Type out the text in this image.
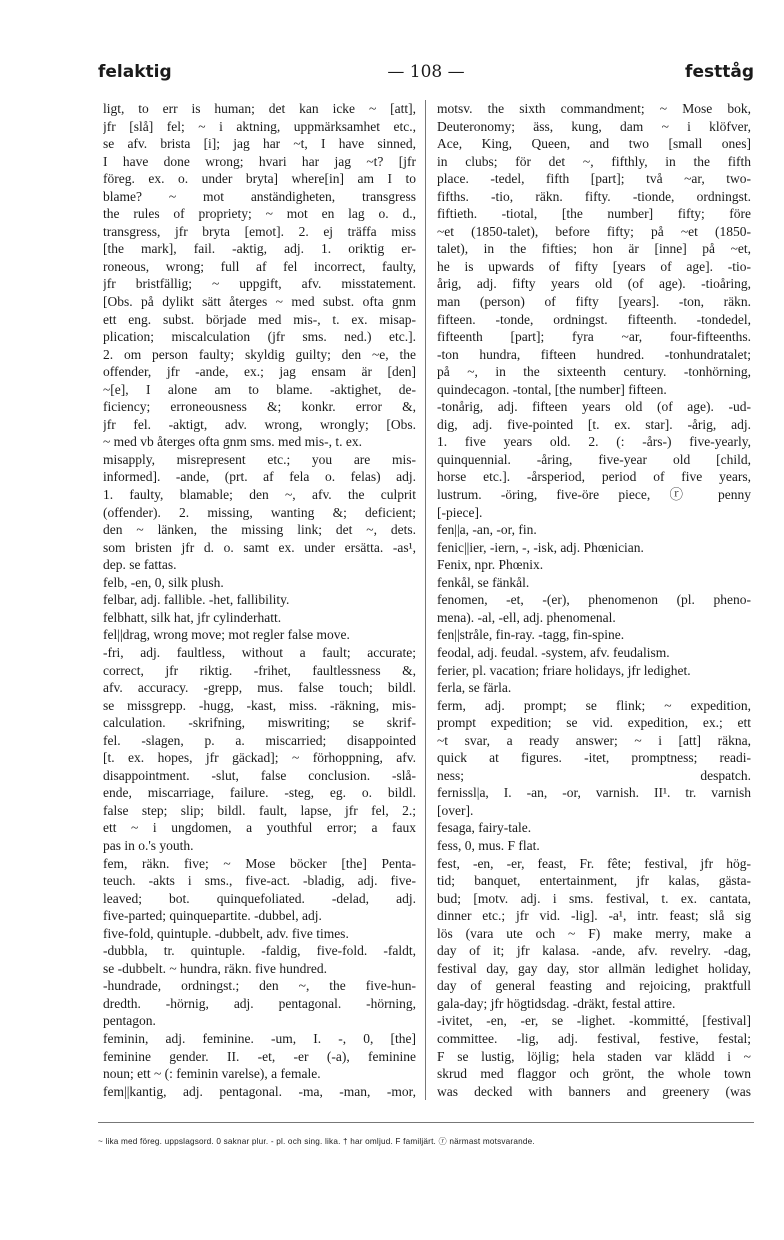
felaktig	— 108 —	festtåg
ligt, to err is human; det kan icke ~ [att],
jfr [slå] fel; ~ i aktning, uppmärksamhet etc.,
se afv. brista [i]; jag har ~t, I have sinned,
I have done wrong; hvari har jag ~t? [jfr
föreg. ex. o. under bryta] where[in] am I to
blame? ~ mot anständigheten, transgress
the rules of propriety; ~ mot en lag o. d.,
transgress, jfr bryta [emot]. 2. ej träffa miss
[the mark], fail. -aktig, adj. 1. oriktig er-
roneous, wrong; full af fel incorrect, faulty,
jfr bristfällig; ~ uppgift, afv. misstatement.
[Obs. på dylikt sätt återges ~ med subst. ofta gnm
ett eng. subst. började med mis-, t. ex. misap-
plication; miscalculation (jfr sms. ned.) etc.].
2. om person faulty; skyldig guilty; den ~e, the
offender, jfr -ande, ex.; jag ensam är [den]
~[e], I alone am to blame. -aktighet, de-
ficiency; erroneousness &; konkr. error &,
jfr fel. -aktigt, adv. wrong, wrongly; [Obs.
~ med vb återges ofta gnm sms. med mis-, t. ex.
misapply, misrepresent etc.; you are mis-
informed]. -ande, (prt. af fela o. felas) adj.
1. faulty, blamable; den ~, afv. the culprit
(offender). 2. missing, wanting &; deficient;
den ~ länken, the missing link; det ~, dets.
som bristen jfr d. o. samt ex. under ersätta. -as¹,
dep. se fattas.
felb, -en, 0, silk plush.
felbar, adj. fallible. -het, fallibility.
felbhatt, silk hat, jfr cylinderhatt.
fel||drag, wrong move; mot regler false move.
-fri, adj. faultless, without a fault; accurate;
correct, jfr riktig. -frihet, faultlessness &,
afv. accuracy. -grepp, mus. false touch; bildl.
se missgrepp. -hugg, -kast, miss. -räkning, mis-
calculation. -skrifning, miswriting; se skrif-
fel. -slagen, p. a. miscarried; disappointed
[t. ex. hopes, jfr gäckad]; ~ förhoppning, afv.
disappointment. -slut, false conclusion. -slå-
ende, miscarriage, failure. -steg, eg. o. bildl.
false step; slip; bildl. fault, lapse, jfr fel, 2.;
ett ~ i ungdomen, a youthful error; a faux
pas in o.'s youth.
fem, räkn. five; ~ Mose böcker [the] Penta-
teuch. -akts i sms., five-act. -bladig, adj. five-
leaved; bot. quinquefoliated. -delad, adj.
five-parted; quinquepartite. -dubbel, adj.
five-fold, quintuple. -dubbelt, adv. five times.
-dubbla, tr. quintuple. -faldig, five-fold. -faldt,
se -dubbelt. ~ hundra, räkn. five hundred.
-hundrade, ordningst.; den ~, the five-hun-
dredth. -hörnig, adj. pentagonal. -hörning,
pentagon.
feminin, adj. feminine. -um, I. -, 0, [the]
feminine gender. II. -et, -er (-a), feminine
noun; ett ~ (: feminin varelse), a female.
fem||kantig, adj. pentagonal. -ma, -man, -mor,
motsv. the sixth commandment; ~ Mose bok,
Deuteronomy; äss, kung, dam ~ i klöfver,
Ace, King, Queen, and two [small ones]
in clubs; för det ~, fifthly, in the fifth
place. -tedel, fifth [part]; två ~ar, two-
fifths. -tio, räkn. fifty. -tionde, ordningst.
fiftieth. -tiotal, [the number] fifty; före
~et (1850-talet), before fifty; på ~et (1850-
talet), in the fifties; hon är [inne] på ~et,
he is upwards of fifty [years of age]. -tio-
årig, adj. fifty years old (of age). -tioåring,
man (person) of fifty [years]. -ton, räkn.
fifteen. -tonde, ordningst. fifteenth. -tondedel,
fifteenth [part]; fyra ~ar, four-fifteenths.
-ton hundra, fifteen hundred. -tonhundratalet;
på ~, in the sixteenth century. -tonhörning,
quindecagon. -tontal, [the number] fifteen.
-tonårig, adj. fifteen years old (of age). -ud-
dig, adj. five-pointed [t. ex. star]. -årig, adj.
1. five years old. 2. (: -års-) five-yearly,
quinquennial. -åring, five-year old [child,
horse etc.]. -årsperiod, period of five years,
lustrum. -öring, five-öre piece, ⓡ penny
[-piece].
fen||a, -an, -or, fin.
fenic||ier, -iern, -, -isk, adj. Phœnician.
Fenix, npr. Phœnix.
fenkål, se fänkål.
fenomen, -et, -(er), phenomenon (pl. pheno-
mena). -al, -ell, adj. phenomenal.
fen||stråle, fin-ray. -tagg, fin-spine.
feodal, adj. feudal. -system, afv. feudalism.
ferier, pl. vacation; friare holidays, jfr ledighet.
ferla, se färla.
ferm, adj. prompt; se flink; ~ expedition,
prompt expedition; se vid. expedition, ex.; ett
~t svar, a ready answer; ~ i [att] räkna,
quick at figures. -itet, promptness; readi-
ness; despatch.
fernissl|a, I. -an, -or, varnish. II¹. tr. varnish
[over].
fesaga, fairy-tale.
fess, 0, mus. F flat.
fest, -en, -er, feast, Fr. fête; festival, jfr hög-
tid; banquet, entertainment, jfr kalas, gästa-
bud; [motv. adj. i sms. festival, t. ex. cantata,
dinner etc.; jfr vid. -lig]. -a¹, intr. feast; slå sig
lös (vara ute och ~ F) make merry, make a
day of it; jfr kalasa. -ande, afv. revelry. -dag,
festival day, gay day, stor allmän ledighet holiday,
day of general feasting and rejoicing, praktfull
gala-day; jfr högtidsdag. -dräkt, festal attire.
-ivitet, -en, -er, se -lighet. -kommitté, [festival]
committee. -lig, adj. festival, festive, festal;
F se lustig, löjlig; hela staden var klädd i ~
skrud med flaggor och grönt, the whole town
was decked with banners and greenery (was
~ lika med föreg. uppslagsord. 0 saknar plur. - pl. och sing. lika. † har omljud. F familjärt. ⓡ närmast motsvarande.
